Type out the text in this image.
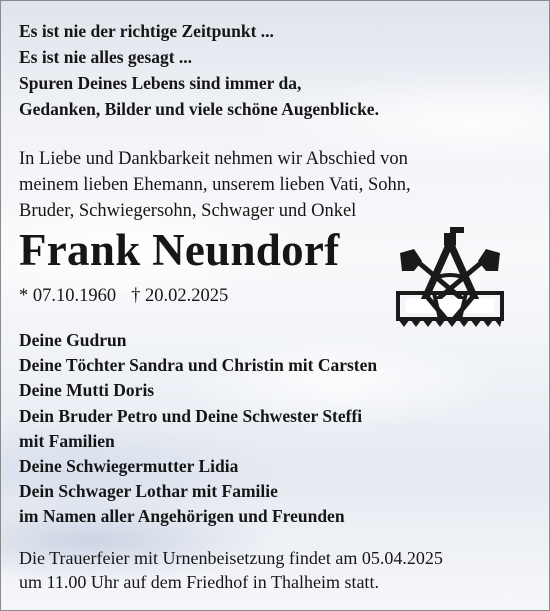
Es ist nie der richtige Zeitpunkt ...
Es ist nie alles gesagt ...
Spuren Deines Lebens sind immer da,
Gedanken, Bilder und viele schöne Augenblicke.
In Liebe und Dankbarkeit nehmen wir Abschied von
meinem lieben Ehemann, unserem lieben Vati, Sohn,
Bruder, Schwiegersohn, Schwager und Onkel
Frank Neundorf
* 07.10.1960 † 20.02.2025
Deine Gudrun
Deine Töchter Sandra und Christin mit Carsten
Deine Mutti Doris
Dein Bruder Petro und Deine Schwester Steffi
mit Familien
Deine Schwiegermutter Lidia
Dein Schwager Lothar mit Familie
im Namen aller Angehörigen und Freunden
Die Trauerfeier mit Urnenbeisetzung findet am 05.04.2025
um 11.00 Uhr auf dem Friedhof in Thalheim statt.
